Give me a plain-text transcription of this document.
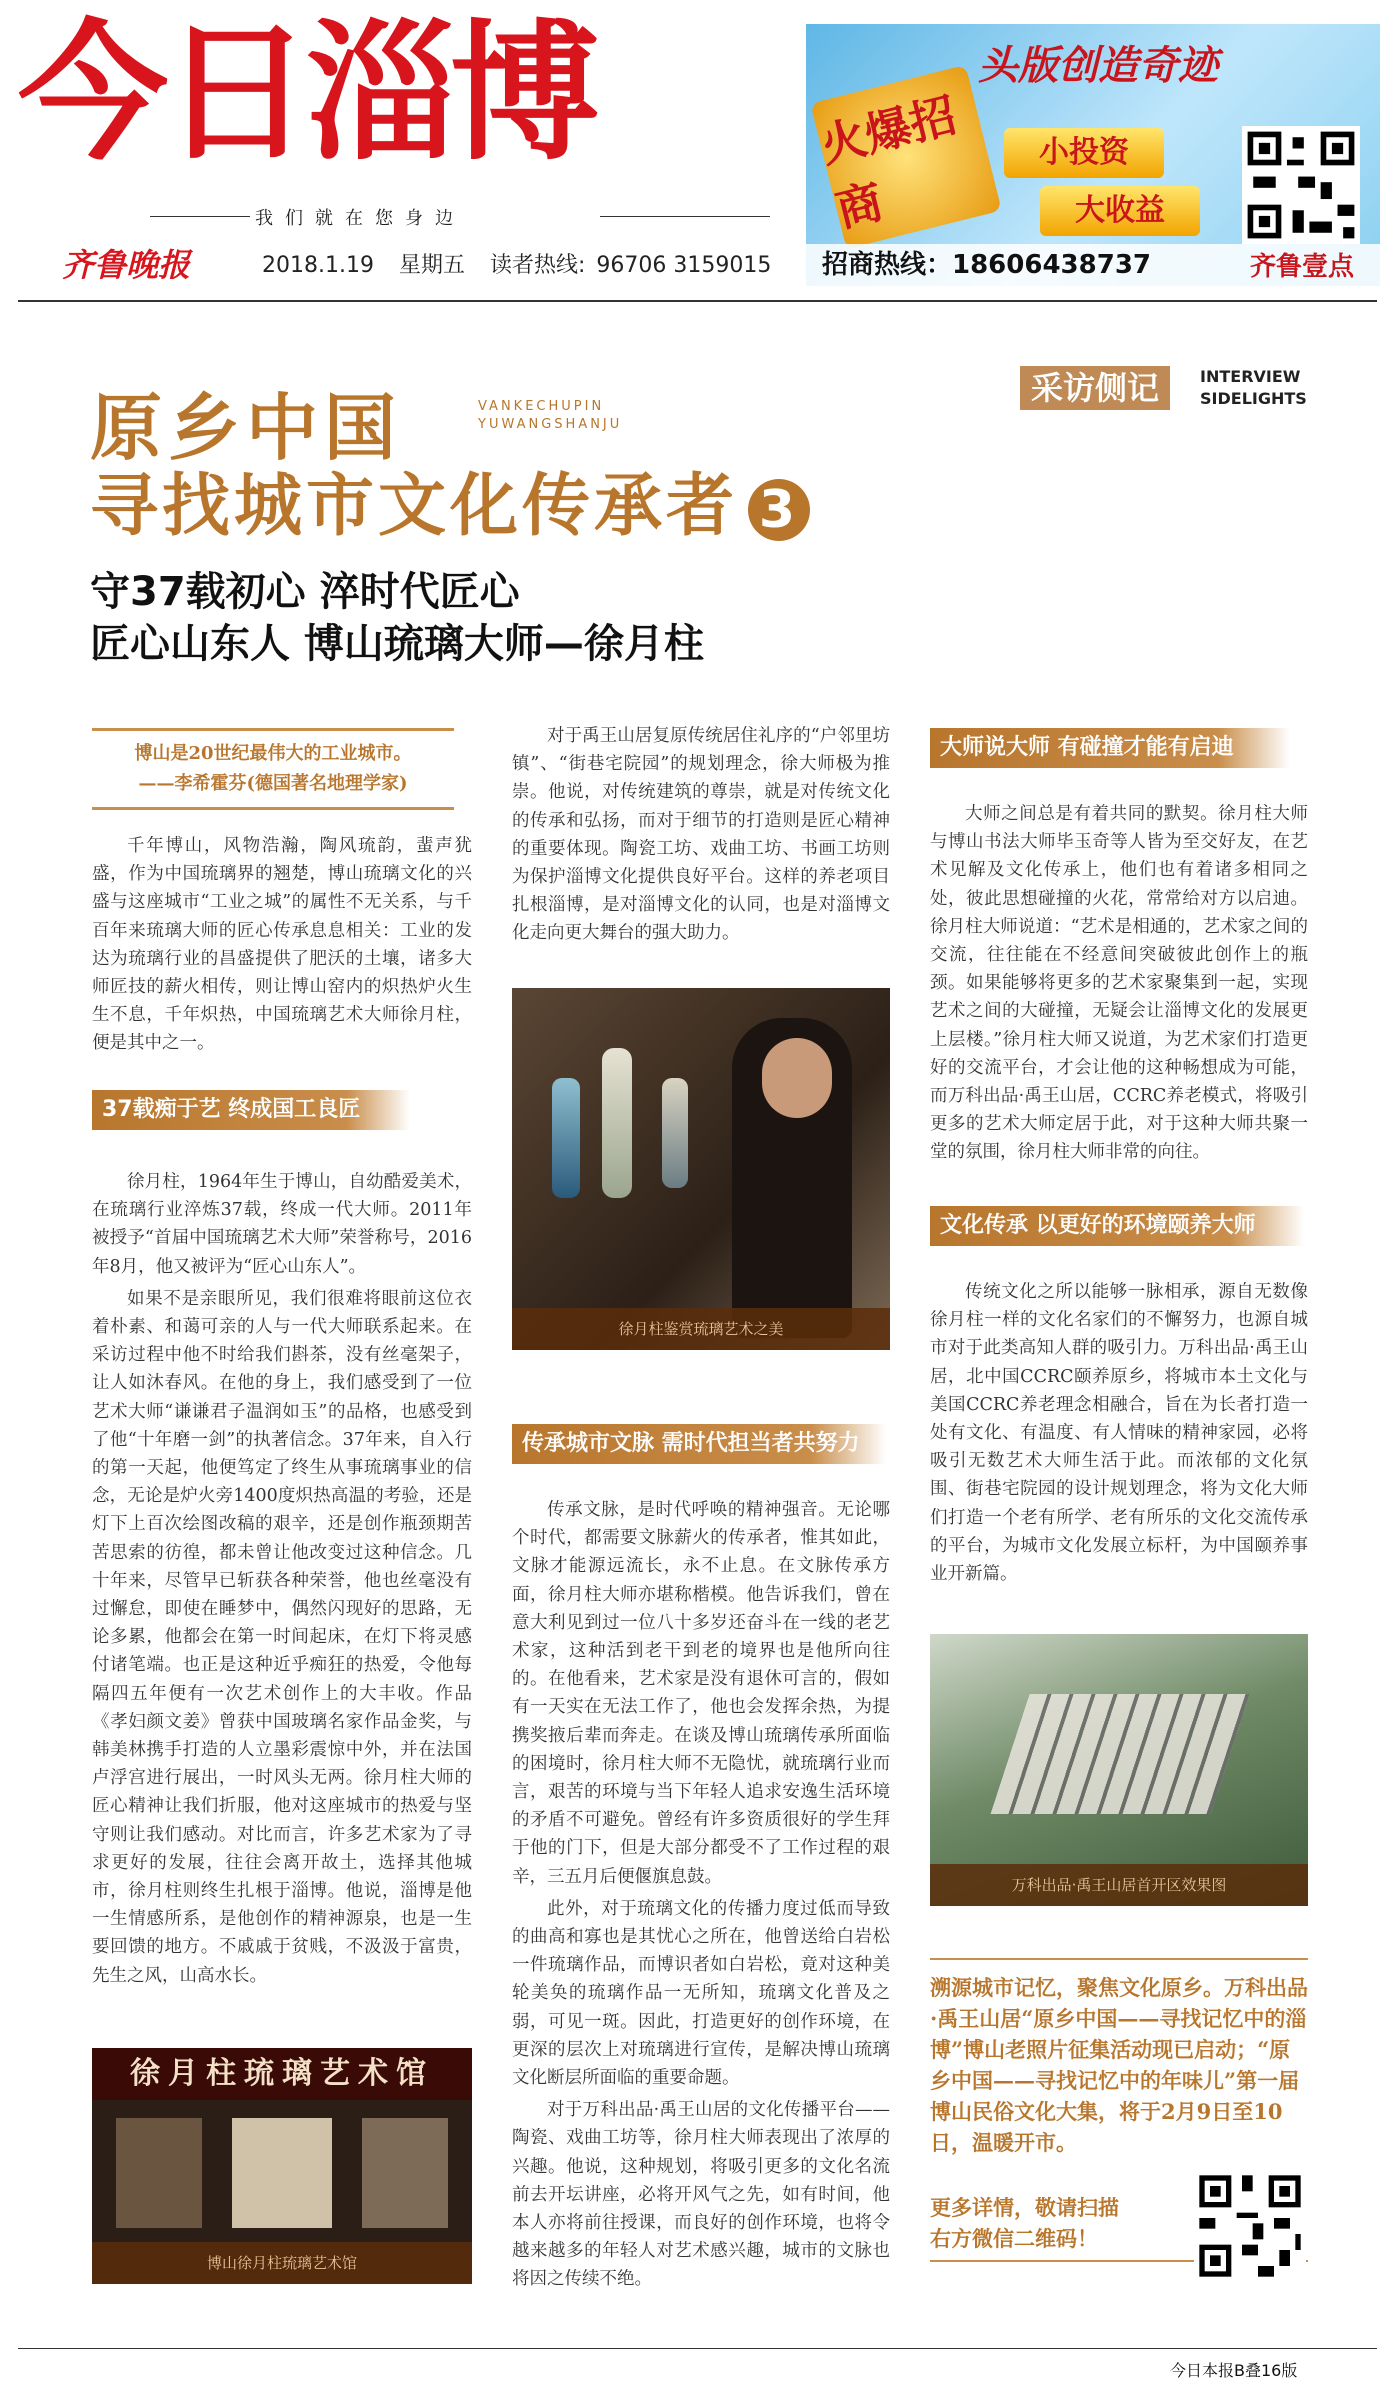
今日淄博
我们就在您身边
齐鲁晚报	2018.1.19 星期五 读者热线: 96706 3159015
头版创造奇迹
火爆招商
小投资
大收益
招商热线：18606438737	齐鲁壹点
原乡中国	VANKECHUPIN
YUWANGSHANJU
寻找城市文化传承者 3
采访侧记	INTERVIEW
SIDELIGHTS
守37载初心 淬时代匠心
匠心山东人 博山琉璃大师—徐月柱
博山是20世纪最伟大的工业城市。
——李希霍芬(德国著名地理学家)

千年博山，风物浩瀚，陶风琉韵，蜚声犹盛，作为中国琉璃界的翘楚，博山琉璃文化的兴盛与这座城市“工业之城”的属性不无关系，与千百年来琉璃大师的匠心传承息息相关：工业的发达为琉璃行业的昌盛提供了肥沃的土壤，诸多大师匠技的薪火相传，则让博山窑内的炽热炉火生生不息，千年炽热，中国琉璃艺术大师徐月柱，便是其中之一。

37载痴于艺 终成国工良匠

徐月柱，1964年生于博山，自幼酷爱美术，在琉璃行业淬炼37载，终成一代大师。2011年被授予“首届中国琉璃艺术大师”荣誉称号，2016年8月，他又被评为“匠心山东人”。

如果不是亲眼所见，我们很难将眼前这位衣着朴素、和蔼可亲的人与一代大师联系起来。在采访过程中他不时给我们斟茶，没有丝毫架子，让人如沐春风。在他的身上，我们感受到了一位艺术大师“谦谦君子温润如玉”的品格，也感受到了他“十年磨一剑”的执著信念。37年来，自入行的第一天起，他便笃定了终生从事琉璃事业的信念，无论是炉火旁1400度炽热高温的考验，还是灯下上百次绘图改稿的艰辛，还是创作瓶颈期苦苦思索的彷徨，都未曾让他改变过这种信念。几十年来，尽管早已斩获各种荣誉，他也丝毫没有过懈怠，即使在睡梦中，偶然闪现好的思路，无论多累，他都会在第一时间起床，在灯下将灵感付诸笔端。也正是这种近乎痴狂的热爱，令他每隔四五年便有一次艺术创作上的大丰收。作品《孝妇颜文姜》曾获中国玻璃名家作品金奖，与韩美林携手打造的人立墨彩震惊中外，并在法国卢浮宫进行展出，一时风头无两。徐月柱大师的匠心精神让我们折服，他对这座城市的热爱与坚守则让我们感动。对比而言，许多艺术家为了寻求更好的发展，往往会离开故土，选择其他城市，徐月柱则终生扎根于淄博。他说，淄博是他一生情感所系，是他创作的精神源泉，也是一生要回馈的地方。不戚戚于贫贱，不汲汲于富贵，先生之风，山高水长。

徐月柱琉璃艺术馆
博山徐月柱琉璃艺术馆

对于禹王山居复原传统居住礼序的“户邻里坊镇”、“街巷宅院园”的规划理念，徐大师极为推崇。他说，对传统建筑的尊崇，就是对传统文化的传承和弘扬，而对于细节的打造则是匠心精神的重要体现。陶瓷工坊、戏曲工坊、书画工坊则为保护淄博文化提供良好平台。这样的养老项目扎根淄博，是对淄博文化的认同，也是对淄博文化走向更大舞台的强大助力。

徐月柱鉴赏琉璃艺术之美
传承城市文脉 需时代担当者共努力

传承文脉，是时代呼唤的精神强音。无论哪个时代，都需要文脉薪火的传承者，惟其如此，文脉才能源远流长，永不止息。在文脉传承方面，徐月柱大师亦堪称楷模。他告诉我们，曾在意大利见到过一位八十多岁还奋斗在一线的老艺术家，这种活到老干到老的境界也是他所向往的。在他看来，艺术家是没有退休可言的，假如有一天实在无法工作了，他也会发挥余热，为提携奖掖后辈而奔走。在谈及博山琉璃传承所面临的困境时，徐月柱大师不无隐忧，就琉璃行业而言，艰苦的环境与当下年轻人追求安逸生活环境的矛盾不可避免。曾经有许多资质很好的学生拜于他的门下，但是大部分都受不了工作过程的艰辛，三五月后便偃旗息鼓。

此外，对于琉璃文化的传播力度过低而导致的曲高和寡也是其忧心之所在，他曾送给白岩松一件琉璃作品，而博识者如白岩松，竟对这种美轮美奂的琉璃作品一无所知，琉璃文化普及之弱，可见一斑。因此，打造更好的创作环境，在更深的层次上对琉璃进行宣传，是解决博山琉璃文化断层所面临的重要命题。

对于万科出品·禹王山居的文化传播平台——陶瓷、戏曲工坊等，徐月柱大师表现出了浓厚的兴趣。他说，这种规划，将吸引更多的文化名流前去开坛讲座，必将开风气之先，如有时间，他本人亦将前往授课，而良好的创作环境，也将令越来越多的年轻人对艺术感兴趣，城市的文脉也将因之传续不绝。

大师说大师 有碰撞才能有启迪

大师之间总是有着共同的默契。徐月柱大师与博山书法大师毕玉奇等人皆为至交好友，在艺术见解及文化传承上，他们也有着诸多相同之处，彼此思想碰撞的火花，常常给对方以启迪。徐月柱大师说道：“艺术是相通的，艺术家之间的交流，往往能在不经意间突破彼此创作上的瓶颈。如果能够将更多的艺术家聚集到一起，实现艺术之间的大碰撞，无疑会让淄博文化的发展更上层楼。”徐月柱大师又说道，为艺术家们打造更好的交流平台，才会让他的这种畅想成为可能，而万科出品·禹王山居，CCRC养老模式，将吸引更多的艺术大师定居于此，对于这种大师共聚一堂的氛围，徐月柱大师非常的向往。

文化传承 以更好的环境颐养大师

传统文化之所以能够一脉相承，源自无数像徐月柱一样的文化名家们的不懈努力，也源自城市对于此类高知人群的吸引力。万科出品·禹王山居，北中国CCRC颐养原乡，将城市本土文化与美国CCRC养老理念相融合，旨在为长者打造一处有文化、有温度、有人情味的精神家园，必将吸引无数艺术大师生活于此。而浓郁的文化氛围、街巷宅院园的设计规划理念，将为文化大师们打造一个老有所学、老有所乐的文化交流传承的平台，为城市文化发展立标杆，为中国颐养事业开新篇。

万科出品·禹王山居首开区效果图
溯源城市记忆，聚焦文化原乡。万科出品·禹王山居“原乡中国——寻找记忆中的淄博”博山老照片征集活动现已启动；“原乡中国——寻找记忆中的年味儿”第一届博山民俗文化大集，将于2月9日至10日，温暖开市。
更多详情，敬请扫描右方微信二维码！
今日本报B叠16版
